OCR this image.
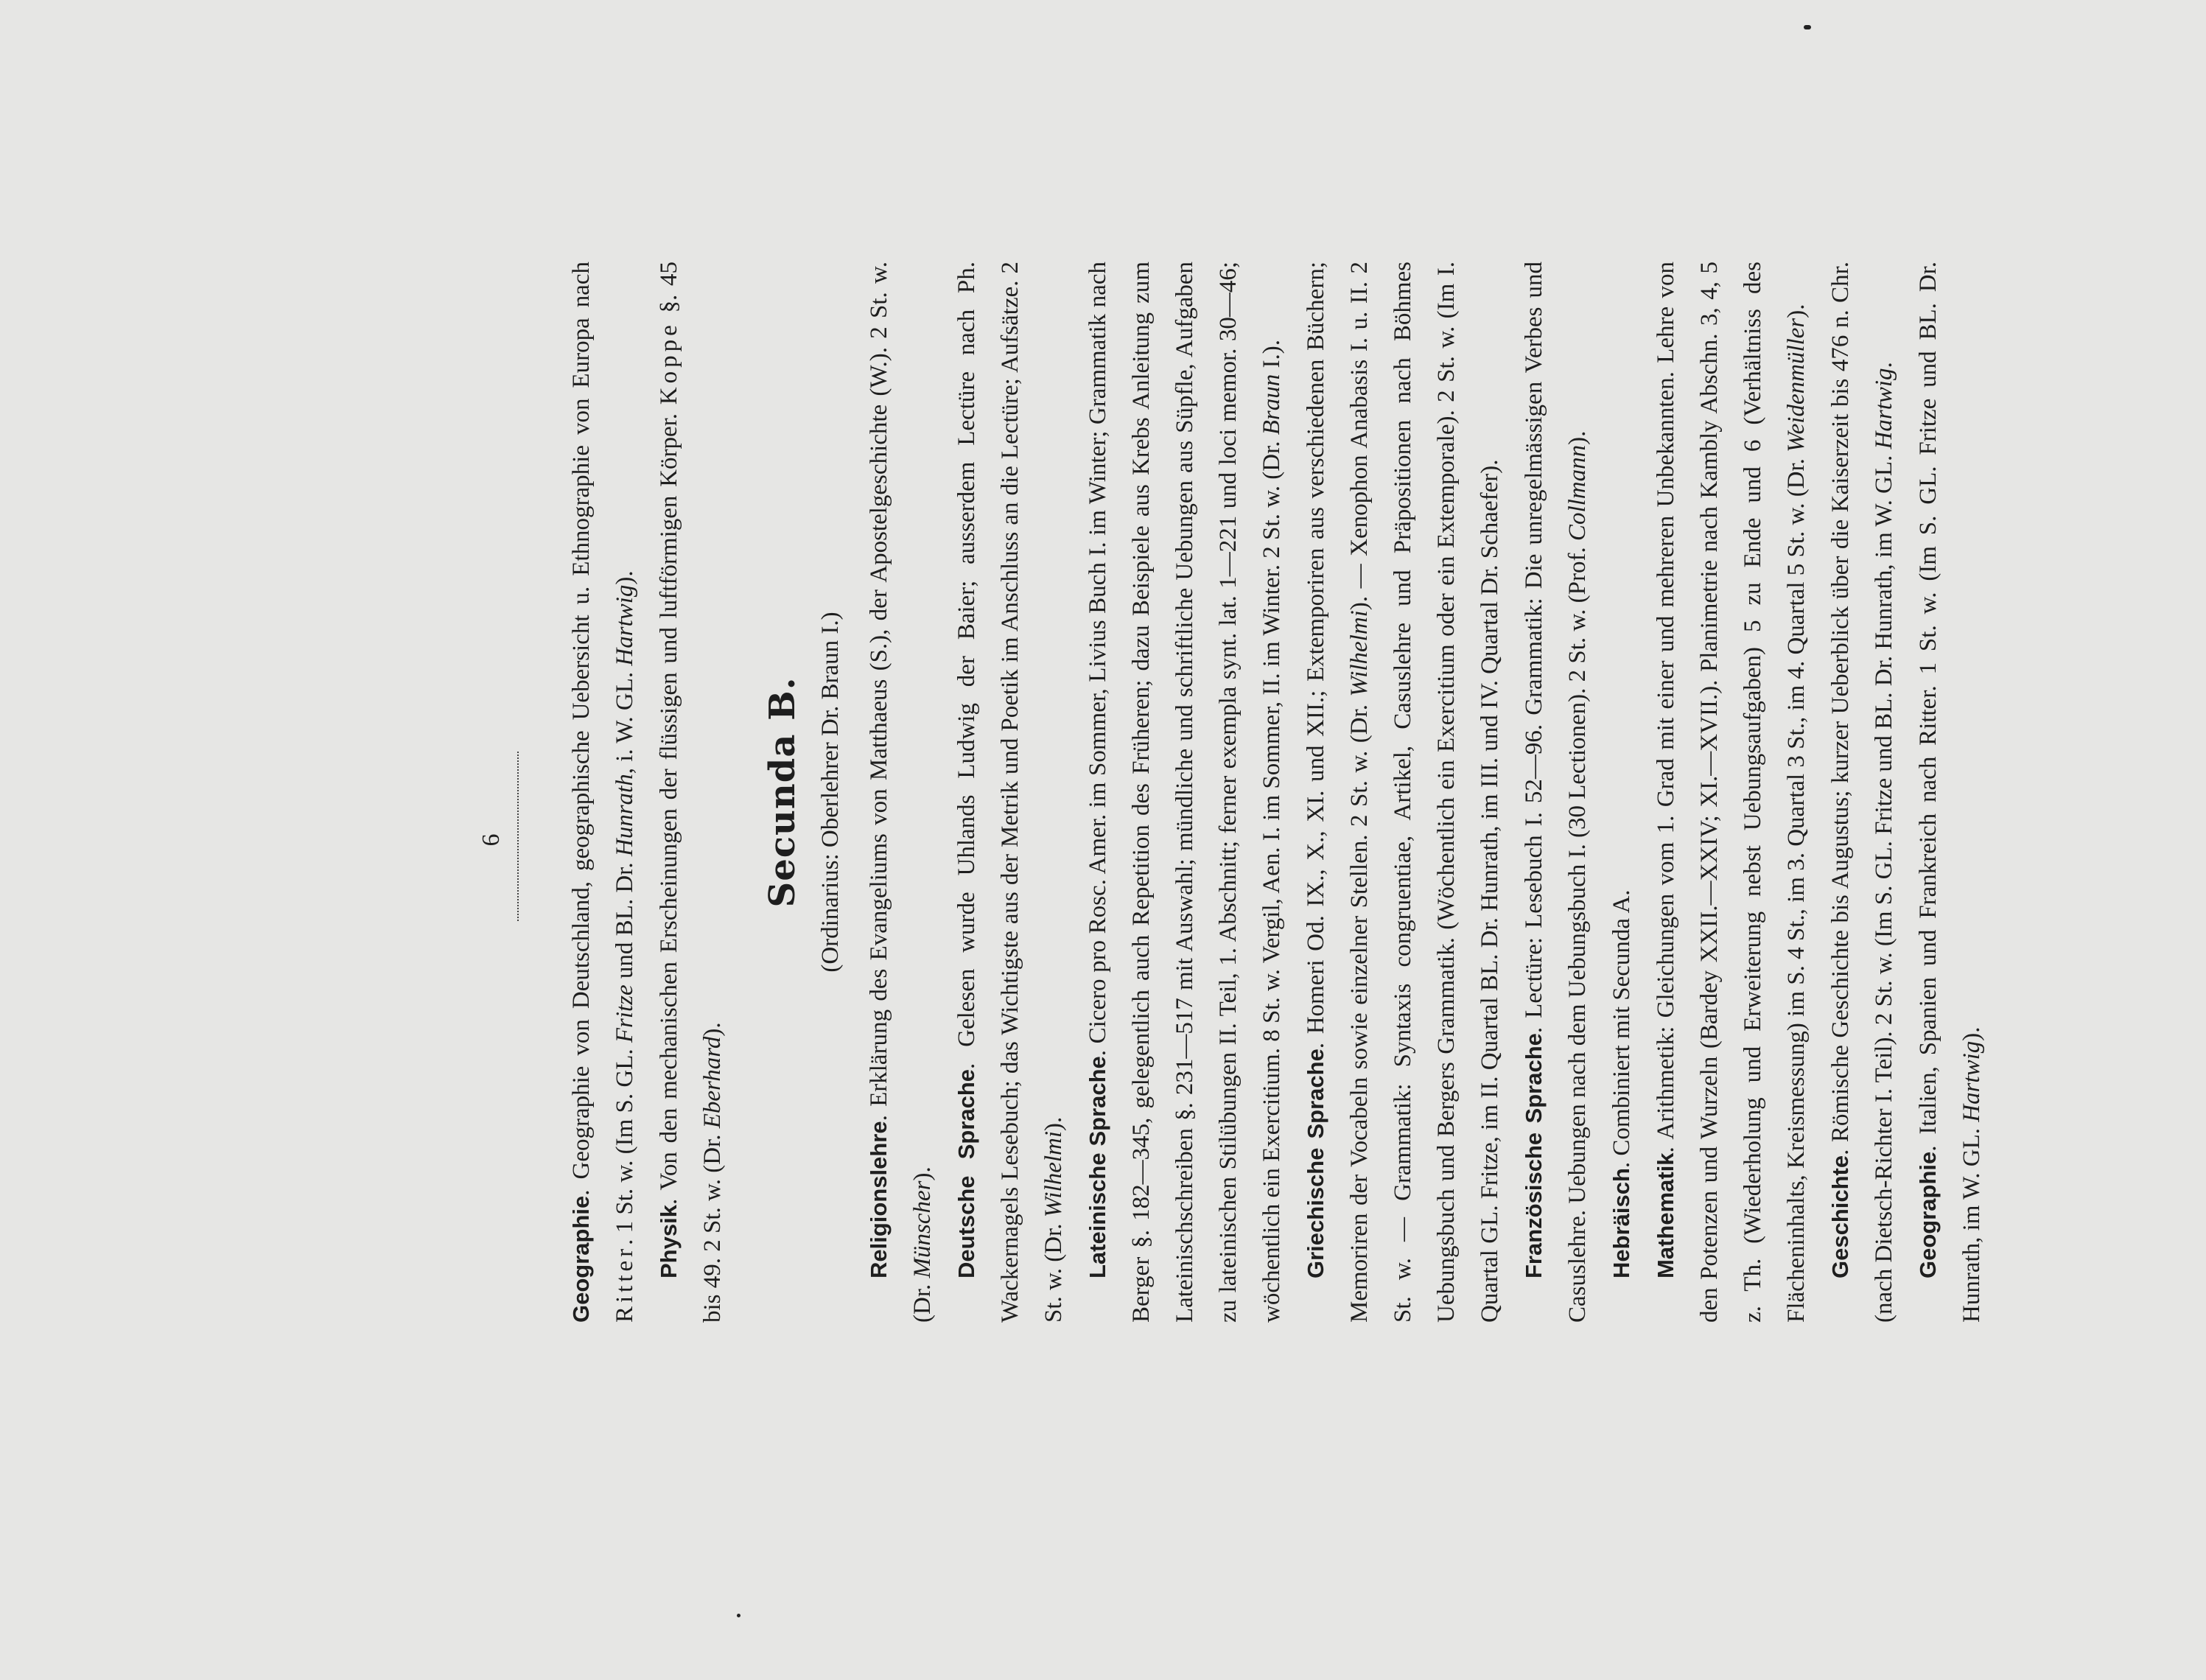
6

Geographie. Geographie von Deutschland, geographische Uebersicht u. Ethnographie von Europa nach Ritter. 1 St. w. (Im S. GL. Fritze und BL. Dr. Hunrath, i. W. GL. Hartwig).

Physik. Von den mechanischen Erscheinungen der flüssigen und luftförmigen Körper. Koppe §. 45 bis 49. 2 St. w. (Dr. Eberhard).

Secunda B. (Ordinarius: Oberlehrer Dr. Braun I.)

Religionslehre. Erklärung des Evangeliums von Matthaeus (S.), der Apostelgeschichte (W.). 2 St. w. (Dr. Münscher). Deutsche Sprache. Gelesen wurde Uhlands Ludwig der Baier; ausserdem Lectüre nach Ph. Wackernagels Lesebuch; das Wichtigste aus der Metrik und Poetik im Anschluss an die Lectüre; Aufsätze. 2 St. w. (Dr. Wilhelmi). Lateinische Sprache. Cicero pro Rosc. Amer. im Sommer, Livius Buch I. im Winter; Grammatik nach Berger §. 182—345, gelegentlich auch Repetition des Früheren; dazu Beispiele aus Krebs Anleitung zum Lateinischschreiben §. 231—517 mit Auswahl; mündliche und schriftliche Uebungen aus Süpfle, Aufgaben zu lateinischen Stilübungen II. Teil, 1. Abschnitt; ferner exempla synt. lat. 1—221 und loci memor. 30—46; wöchentlich ein Exercitium. 8 St. w. Vergil, Aen. I. im Sommer, II. im Winter. 2 St. w. (Dr. Braun I.).

Griechische Sprache. Homeri Od. IX., X., XI. und XII.; Extemporiren aus verschiedenen Büchern; Memoriren der Vocabeln sowie einzelner Stellen. 2 St. w. (Dr. Wilhelmi). — Xenophon Anabasis I. u. II. 2 St. w. — Grammatik: Syntaxis congruentiae, Artikel, Casuslehre und Präpositionen nach Böhmes Uebungsbuch und Bergers Grammatik. (Wöchentlich ein Exercitium oder ein Extemporale). 2 St. w. (Im I. Quartal GL. Fritze, im II. Quartal BL. Dr. Hunrath, im III. und IV. Quartal Dr. Schaefer). Französische Sprache. Lectüre: Lesebuch I. 52—96. Grammatik: Die unregelmässigen Verbes und Casuslehre. Uebungen nach dem Uebungsbuch I. (30 Lectionen). 2 St. w. (Prof. Collmann).

Hebräisch. Combiniert mit Secunda A.

Mathematik. Arithmetik: Gleichungen vom 1. Grad mit einer und mehreren Unbekannten. Lehre von den Potenzen und Wurzeln (Bardey XXII.—XXIV; XI.—XVII.). Planimetrie nach Kambly Abschn. 3, 4, 5 z. Th. (Wiederholung und Erweiterung nebst Uebungsaufgaben) 5 zu Ende und 6 (Verhältniss des Flächeninhalts, Kreismessung) im S. 4 St., im 3. Quartal 3 St., im 4. Quartal 5 St. w. (Dr. Weidenmüller).

Geschichte. Römische Geschichte bis Augustus; kurzer Ueberblick über die Kaiserzeit bis 476 n. Chr. (nach Dietsch-Richter I. Teil). 2 St. w. (Im S. GL. Fritze und BL. Dr. Hunrath, im W. GL. Hartwig.

Geographie. Italien, Spanien und Frankreich nach Ritter. 1 St. w. (Im S. GL. Fritze und BL. Dr. Hunrath, im W. GL. Hartwig).
